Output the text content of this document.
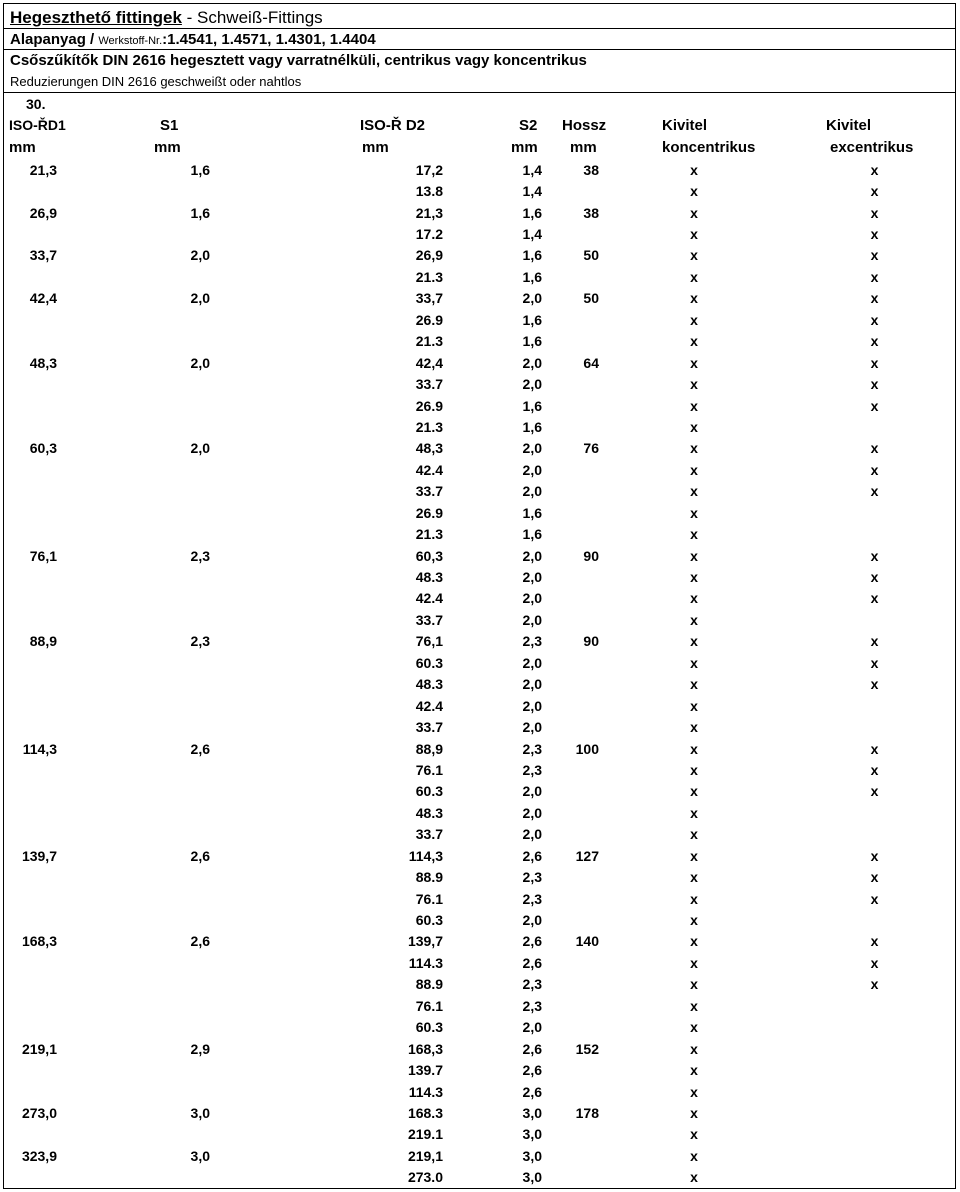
Hegeszthető fittingek - Schweiß-Fittings
Alapanyag / Werkstoff-Nr.:1.4541, 1.4571, 1.4301, 1.4404
Csőszűkítők DIN 2616 hegesztett vagy varratnélküli, centrikus vagy koncentrikus
Reduzierungen DIN 2616 geschweißt oder nahtlos
30.
ISO-ŘD1	S1	ISO-Ř D2	S2 Hossz	Kivitel	Kivitel
mm	mm	mm	mm mm	koncentrikus	excentrikus
21,3	1,6	17,2	1,4	38	x	x
		13.8	1,4		x	x
26,9	1,6	21,3	1,6	38	x	x
		17.2	1,4		x	x
33,7	2,0	26,9	1,6	50	x	x
		21.3	1,6		x	x
42,4	2,0	33,7	2,0	50	x	x
		26.9	1,6		x	x
		21.3	1,6		x	x
48,3	2,0	42,4	2,0	64	x	x
		33.7	2,0		x	x
		26.9	1,6		x	x
		21.3	1,6		x	
60,3	2,0	48,3	2,0	76	x	x
		42.4	2,0		x	x
		33.7	2,0		x	x
		26.9	1,6		x	
		21.3	1,6		x	
76,1	2,3	60,3	2,0	90	x	x
		48.3	2,0		x	x
		42.4	2,0		x	x
		33.7	2,0		x	
88,9	2,3	76,1	2,3	90	x	x
		60.3	2,0		x	x
		48.3	2,0		x	x
		42.4	2,0		x	
		33.7	2,0		x	
114,3	2,6	88,9	2,3	100	x	x
		76.1	2,3		x	x
		60.3	2,0		x	x
		48.3	2,0		x	
		33.7	2,0		x	
139,7	2,6	114,3	2,6	127	x	x
		88.9	2,3		x	x
		76.1	2,3		x	x
		60.3	2,0		x	
168,3	2,6	139,7	2,6	140	x	x
		114.3	2,6		x	x
		88.9	2,3		x	x
		76.1	2,3		x	
		60.3	2,0		x	
219,1	2,9	168,3	2,6	152	x	
		139.7	2,6		x	
		114.3	2,6		x	
273,0	3,0	168.3	3,0	178	x	
		219.1	3,0		x	
323,9	3,0	219,1	3,0		x	
		273.0	3,0		x	
